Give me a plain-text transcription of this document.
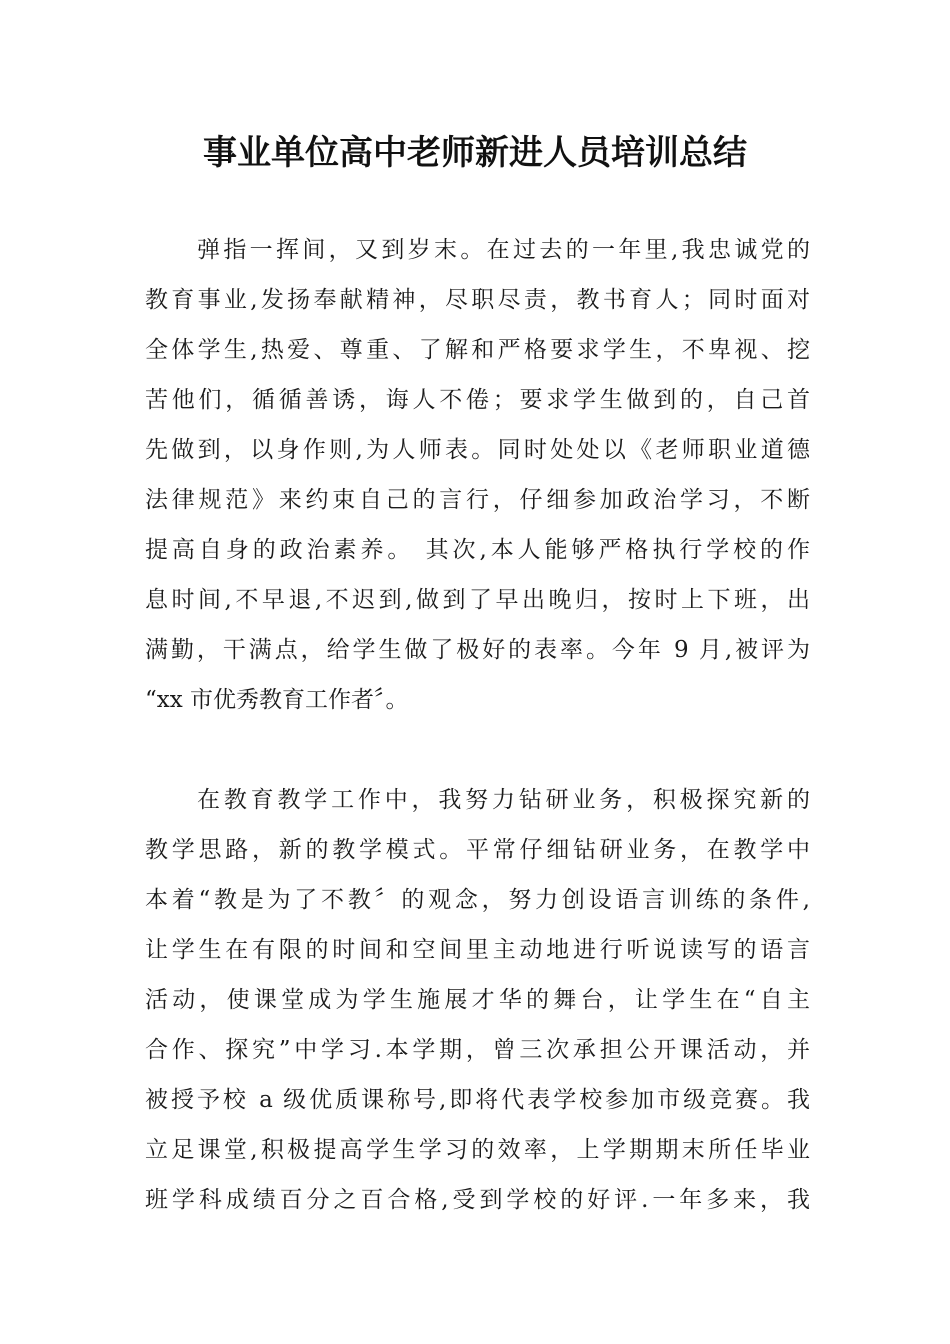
事业单位高中老师新进人员培训总结
弹指一挥间，又到岁末。在过去的一年里,我忠诚党的
教育事业,发扬奉献精神，尽职尽责，教书育人；同时面对
全体学生,热爱、尊重、了解和严格要求学生，不卑视、挖
苦他们，循循善诱，诲人不倦；要求学生做到的，自己首
先做到，以身作则,为人师表。同时处处以《老师职业道德
法律规范》来约束自己的言行，仔细参加政治学习，不断
提高自身的政治素养。 其次,本人能够严格执行学校的作
息时间,不早退,不迟到,做到了早出晚归，按时上下班，出
满勤，干满点，给学生做了极好的表率。今年 9 月,被评为
“xx 市优秀教育工作者〞。
在教育教学工作中，我努力钻研业务，积极探究新的
教学思路，新的教学模式。平常仔细钻研业务，在教学中
本着“教是为了不教〞的观念，努力创设语言训练的条件,
让学生在有限的时间和空间里主动地进行听说读写的语言
活动，使课堂成为学生施展才华的舞台，让学生在“自主
合作、探究”中学习.本学期，曾三次承担公开课活动，并
被授予校 a 级优质课称号,即将代表学校参加市级竞赛。我
立足课堂,积极提高学生学习的效率，上学期期末所任毕业
班学科成绩百分之百合格,受到学校的好评.一年多来，我
